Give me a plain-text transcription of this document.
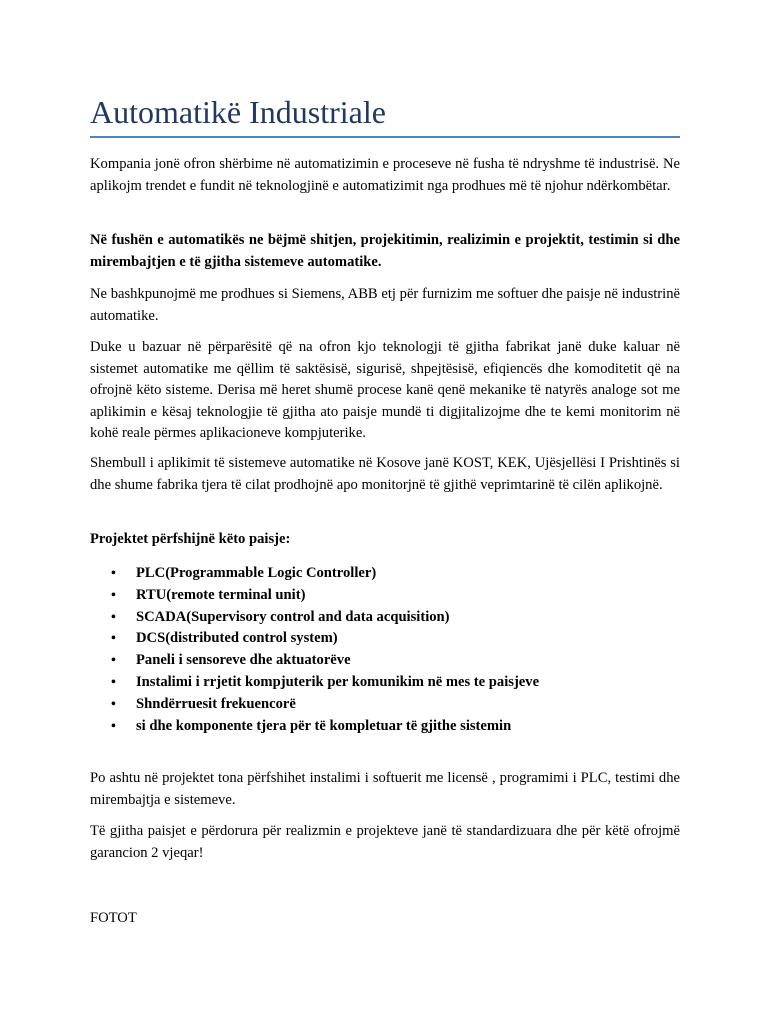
Automatikë Industriale

Kompania jonë ofron shërbime në automatizimin e proceseve në fusha të ndryshme të industrisë. Ne aplikojm trendet e fundit në teknologjinë e automatizimit nga prodhues më të njohur ndërkombëtar.

Në fushën e automatikës ne bëjmë shitjen, projekitimin, realizimin e projektit, testimin si dhe mirembajtjen e të gjitha sistemeve automatike.

Ne bashkpunojmë me prodhues si Siemens, ABB etj për furnizim me softuer dhe paisje në industrinë automatike.

Duke u bazuar në përparësitë që na ofron kjo teknologji të gjitha fabrikat janë duke kaluar në sistemet automatike me qëllim të saktësisë, sigurisë, shpejtësisë, efiqiencës dhe komoditetit që na ofrojnë këto sisteme. Derisa më heret shumë procese kanë qenë mekanike të natyrës analoge sot me aplikimin e kësaj teknologjie të gjitha ato paisje mundë ti digjitalizojme dhe te kemi monitorim në kohë reale përmes aplikacioneve kompjuterike.

Shembull i aplikimit të sistemeve automatike në Kosove janë KOST, KEK, Ujësjellësi I Prishtinës si dhe shume fabrika tjera të cilat prodhojnë apo monitorjnë të gjithë veprimtarinë të cilën aplikojnë.

Projektet përfshijnë këto paisje:

• PLC(Programmable Logic Controller)
• RTU(remote terminal unit)
• SCADA(Supervisory control and data acquisition)
• DCS(distributed control system)
• Paneli i sensoreve dhe aktuatorëve
• Instalimi i rrjetit kompjuterik per komunikim në mes te paisjeve
• Shndërruesit frekuencorë
• si dhe komponente tjera për të kompletuar të gjithe sistemin

Po ashtu në projektet tona përfshihet instalimi i softuerit me licensë , programimi i PLC, testimi dhe mirembajtja e sistemeve.

Të gjitha paisjet e përdorura për realizmin e projekteve janë të standardizuara dhe për këtë ofrojmë garancion 2 vjeqar!

FOTOT
